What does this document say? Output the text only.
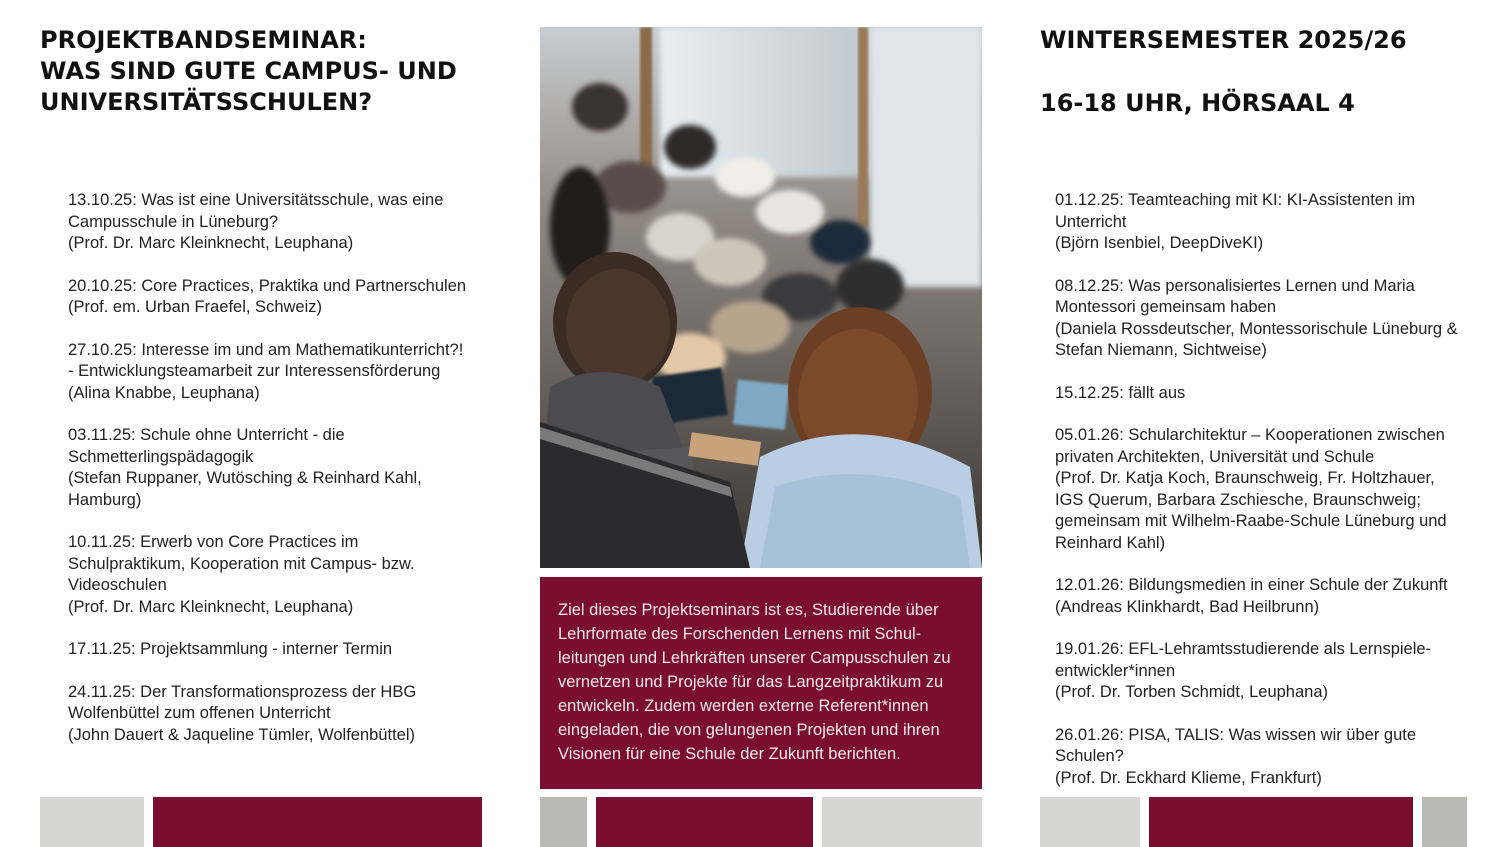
PROJEKTBANDSEMINAR:
WAS SIND GUTE CAMPUS- UND
UNIVERSITÄTSSCHULEN?
WINTERSEMESTER 2025/26
16-18 UHR, HÖRSAAL 4
13.10.25: Was ist eine Universitätsschule, was eine Campusschule in Lüneburg?
(Prof. Dr. Marc Kleinknecht, Leuphana)
20.10.25: Core Practices, Praktika und Partnerschulen
(Prof. em. Urban Fraefel, Schweiz)
27.10.25: Interesse im und am Mathematikunterricht?! - Entwicklungsteamarbeit zur Interessensförderung
(Alina Knabbe, Leuphana)
03.11.25: Schule ohne Unterricht - die Schmetterlingspädagogik
(Stefan Ruppaner, Wutösching & Reinhard Kahl, Hamburg)
10.11.25: Erwerb von Core Practices im Schulpraktikum, Kooperation mit Campus- bzw. Videoschulen
(Prof. Dr. Marc Kleinknecht, Leuphana)
17.11.25: Projektsammlung - interner Termin
24.11.25: Der Transformationsprozess der HBG Wolfenbüttel zum offenen Unterricht
(John Dauert & Jaqueline Tümler, Wolfenbüttel)
Ziel dieses Projektseminars ist es, Studierende über Lehrformate des Forschenden Lernens mit Schul-leitungen und Lehrkräften unserer Campusschulen zu vernetzen und Projekte für das Langzeitpraktikum zu entwickeln. Zudem werden externe Referent*innen eingeladen, die von gelungenen Projekten und ihren Visionen für eine Schule der Zukunft berichten.
01.12.25: Teamteaching mit KI: KI-Assistenten im Unterricht
(Björn Isenbiel, DeepDiveKI)
08.12.25: Was personalisiertes Lernen und Maria Montessori gemeinsam haben
(Daniela Rossdeutscher, Montessorischule Lüneburg & Stefan Niemann, Sichtweise)
15.12.25: fällt aus
05.01.26: Schularchitektur – Kooperationen zwischen privaten Architekten, Universität und Schule
(Prof. Dr. Katja Koch, Braunschweig, Fr. Holtzhauer, IGS Querum, Barbara Zschiesche, Braunschweig; gemeinsam mit Wilhelm-Raabe-Schule Lüneburg und Reinhard Kahl)
12.01.26: Bildungsmedien in einer Schule der Zukunft
(Andreas Klinkhardt, Bad Heilbrunn)
19.01.26: EFL-Lehramtsstudierende als Lernspiele-entwickler*innen
(Prof. Dr. Torben Schmidt, Leuphana)
26.01.26: PISA, TALIS: Was wissen wir über gute Schulen?
(Prof. Dr. Eckhard Klieme, Frankfurt)
